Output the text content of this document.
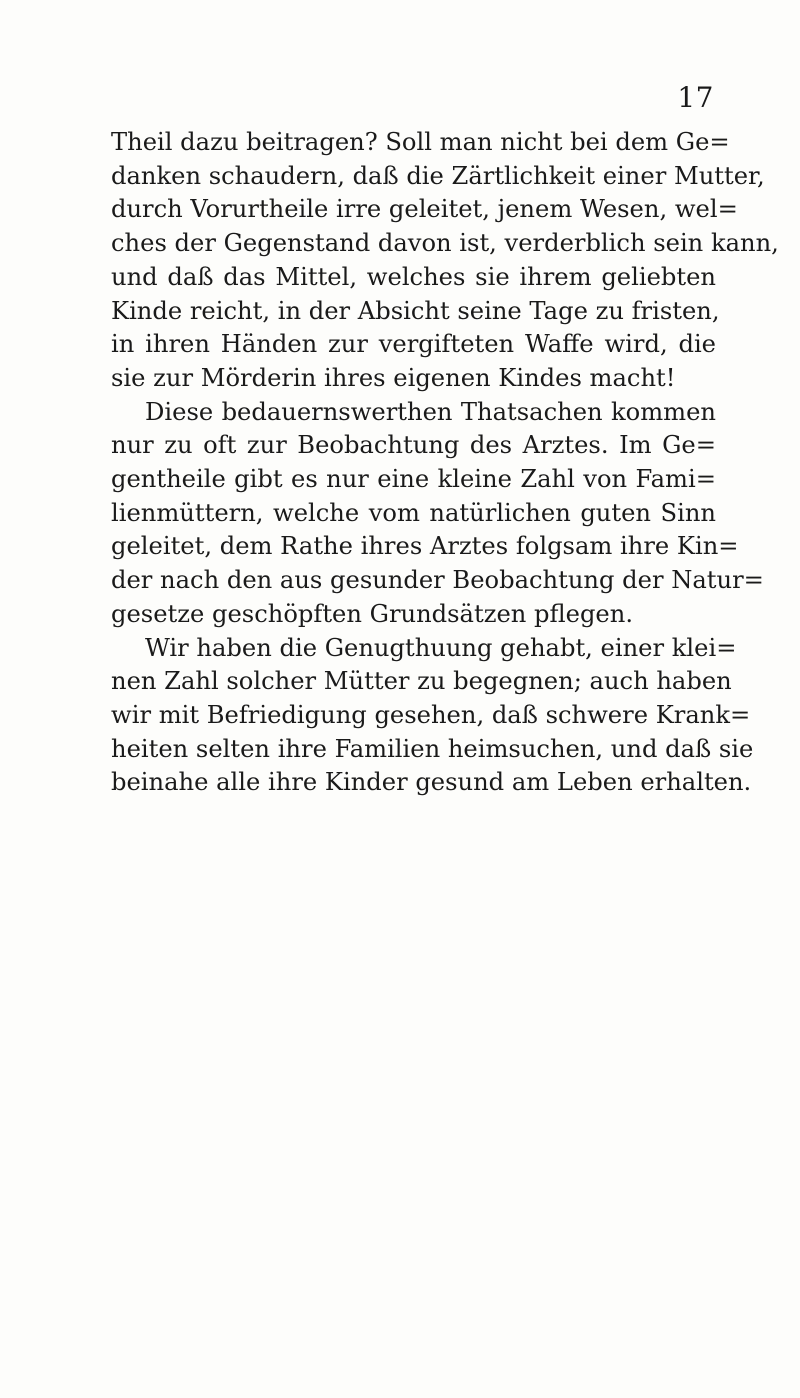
17
Theil dazu beitragen? Soll man nicht bei dem Ge=
danken schaudern, daß die Zärtlichkeit einer Mutter,
durch Vorurtheile irre geleitet, jenem Wesen, wel=
ches der Gegenstand davon ist, verderblich sein kann,
und daß das Mittel, welches sie ihrem geliebten
Kinde reicht, in der Absicht seine Tage zu fristen,
in ihren Händen zur vergifteten Waffe wird, die
sie zur Mörderin ihres eigenen Kindes macht!
Diese bedauernswerthen Thatsachen kommen
nur zu oft zur Beobachtung des Arztes. Im Ge=
gentheile gibt es nur eine kleine Zahl von Fami=
lienmüttern, welche vom natürlichen guten Sinn
geleitet, dem Rathe ihres Arztes folgsam ihre Kin=
der nach den aus gesunder Beobachtung der Natur=
gesetze geschöpften Grundsätzen pflegen.
Wir haben die Genugthuung gehabt, einer klei=
nen Zahl solcher Mütter zu begegnen; auch haben
wir mit Befriedigung gesehen, daß schwere Krank=
heiten selten ihre Familien heimsuchen, und daß sie
beinahe alle ihre Kinder gesund am Leben erhalten.
